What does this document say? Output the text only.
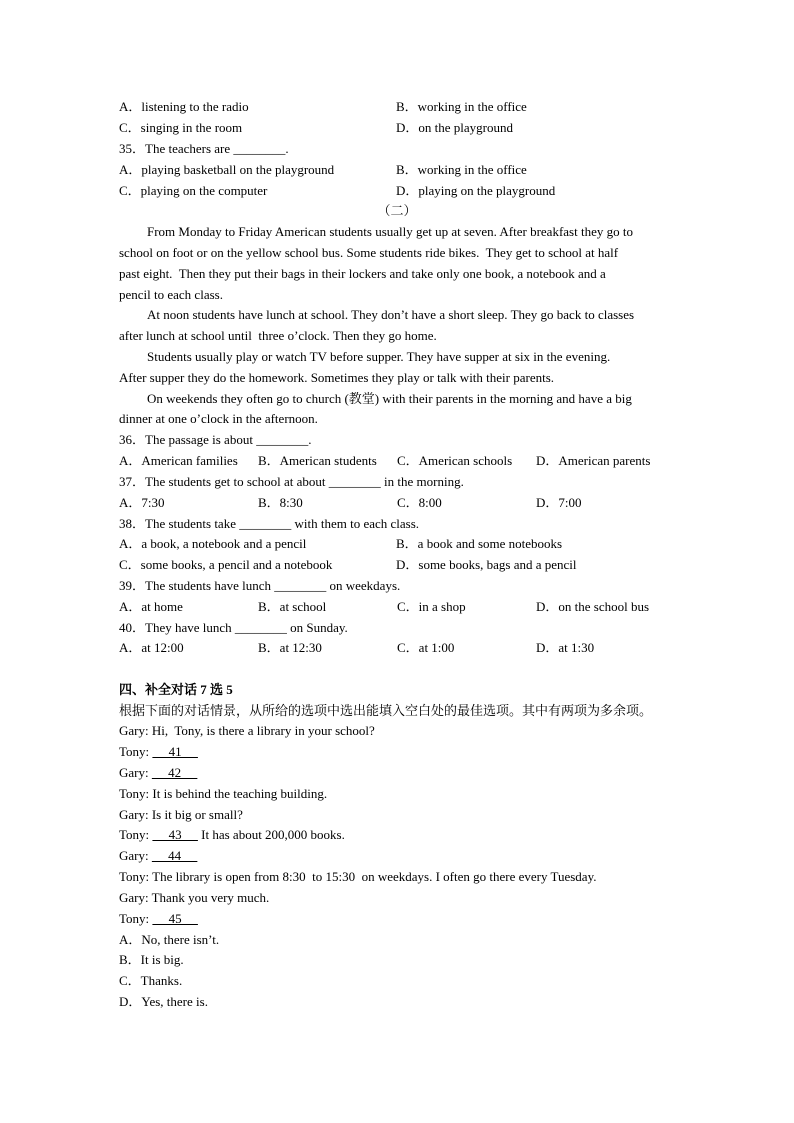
A．listening to the radio	B．working in the office
C．singing in the room	D．on the playground
35．The teachers are ________.
A．playing basketball on the playground	B．working in the office
C．playing on the computer	D．playing on the playground
（二）
From Monday to Friday American students usually get up at seven. After breakfast they go to
school on foot or on the yellow school bus. Some students ride bikes.  They get to school at half
past eight.  Then they put their bags in their lockers and take only one book, a notebook and a
pencil to each class.
At noon students have lunch at school. They don’t have a short sleep. They go back to classes
after lunch at school until  three o’clock. Then they go home.
Students usually play or watch TV before supper. They have supper at six in the evening.
After supper they do the homework. Sometimes they play or talk with their parents.
On weekends they often go to church (教堂) with their parents in the morning and have a big
dinner at one o’clock in the afternoon.
36．The passage is about ________.
A．American families B．American students C．American schools D．American parents
37．The students get to school at about ________ in the morning.
A．7:30	B．8:30	C．8:00	D．7:00
38．The students take ________ with them to each class.
A．a book, a notebook and a pencil	B．a book and some notebooks
C．some books, a pencil and a notebook	D．some books, bags and a pencil
39．The students have lunch ________ on weekdays.
A．at home	B．at school	C．in a shop	D．on the school bus
40．They have lunch ________ on Sunday.
A．at 12:00	B．at 12:30	C．at 1:00	D．at 1:30
四、补全对话 7 选 5
根据下面的对话情景，从所给的选项中选出能填入空白处的最佳选项。其中有两项为多余项。
Gary: Hi,  Tony, is there a library in your school?
Tony:      41
Gary:      42
Tony: It is behind the teaching building.
Gary: Is it big or small?
Tony:      43      It has about 200,000 books.
Gary:      44
Tony: The library is open from 8:30  to 15:30  on weekdays. I often go there every Tuesday.
Gary: Thank you very much.
Tony:      45
A．No, there isn’t.
B．It is big.
C．Thanks.
D．Yes, there is.
